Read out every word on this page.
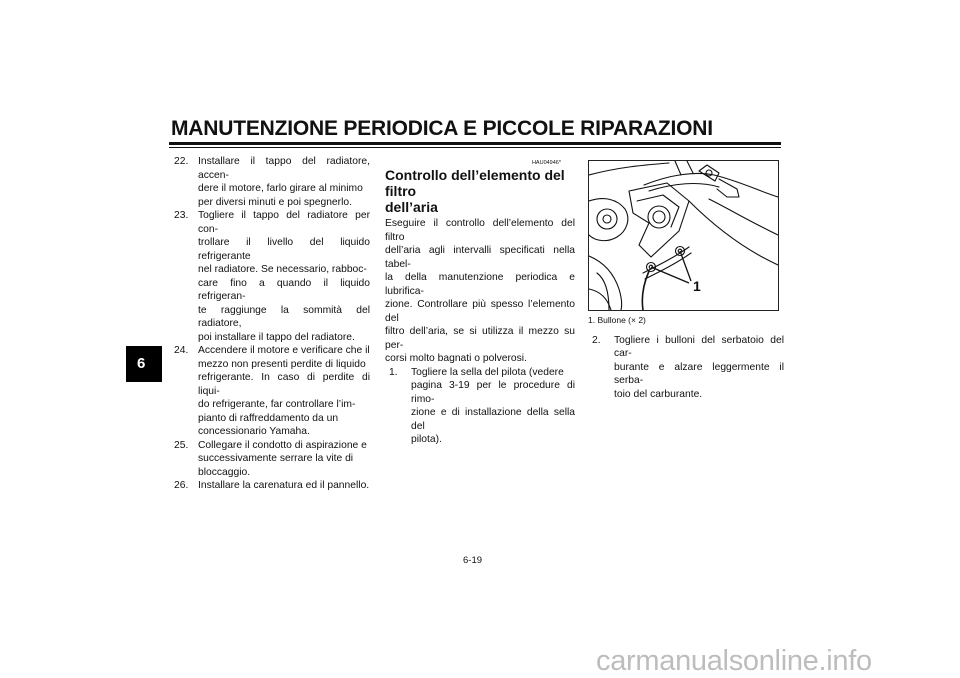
MANUTENZIONE PERIODICA E PICCOLE RIPARAZIONI
6
22. Installare il tappo del radiatore, accen-
dere il motore, farlo girare al minimo
per diversi minuti e poi spegnerlo.
23. Togliere il tappo del radiatore per con-
trollare il livello del liquido refrigerante
nel radiatore. Se necessario, rabboc-
care fino a quando il liquido refrigeran-
te raggiunge la sommità del radiatore,
poi installare il tappo del radiatore.
24. Accendere il motore e verificare che il
mezzo non presenti perdite di liquido
refrigerante. In caso di perdite di liqui-
do refrigerante, far controllare l’im-
pianto di raffreddamento da un
concessionario Yamaha.
25. Collegare il condotto di aspirazione e
successivamente serrare la vite di
bloccaggio.
26. Installare la carenatura ed il pannello.

HAU04946*

Controllo dell’elemento del filtro
dell’aria

Eseguire il controllo dell’elemento del filtro
dell’aria agli intervalli specificati nella tabel-
la della manutenzione periodica e lubrifica-
zione. Controllare più spesso l’elemento del
filtro dell’aria, se si utilizza il mezzo su per-
corsi molto bagnati o polverosi.

1. Togliere la sella del pilota (vedere
pagina 3-19 per le procedure di rimo-
zione e di installazione della sella del
pilota).
1
1. Bullone (× 2)
2. Togliere i bulloni del serbatoio del car-
burante e alzare leggermente il serba-
toio del carburante.
6-19
carmanualsonline.info
